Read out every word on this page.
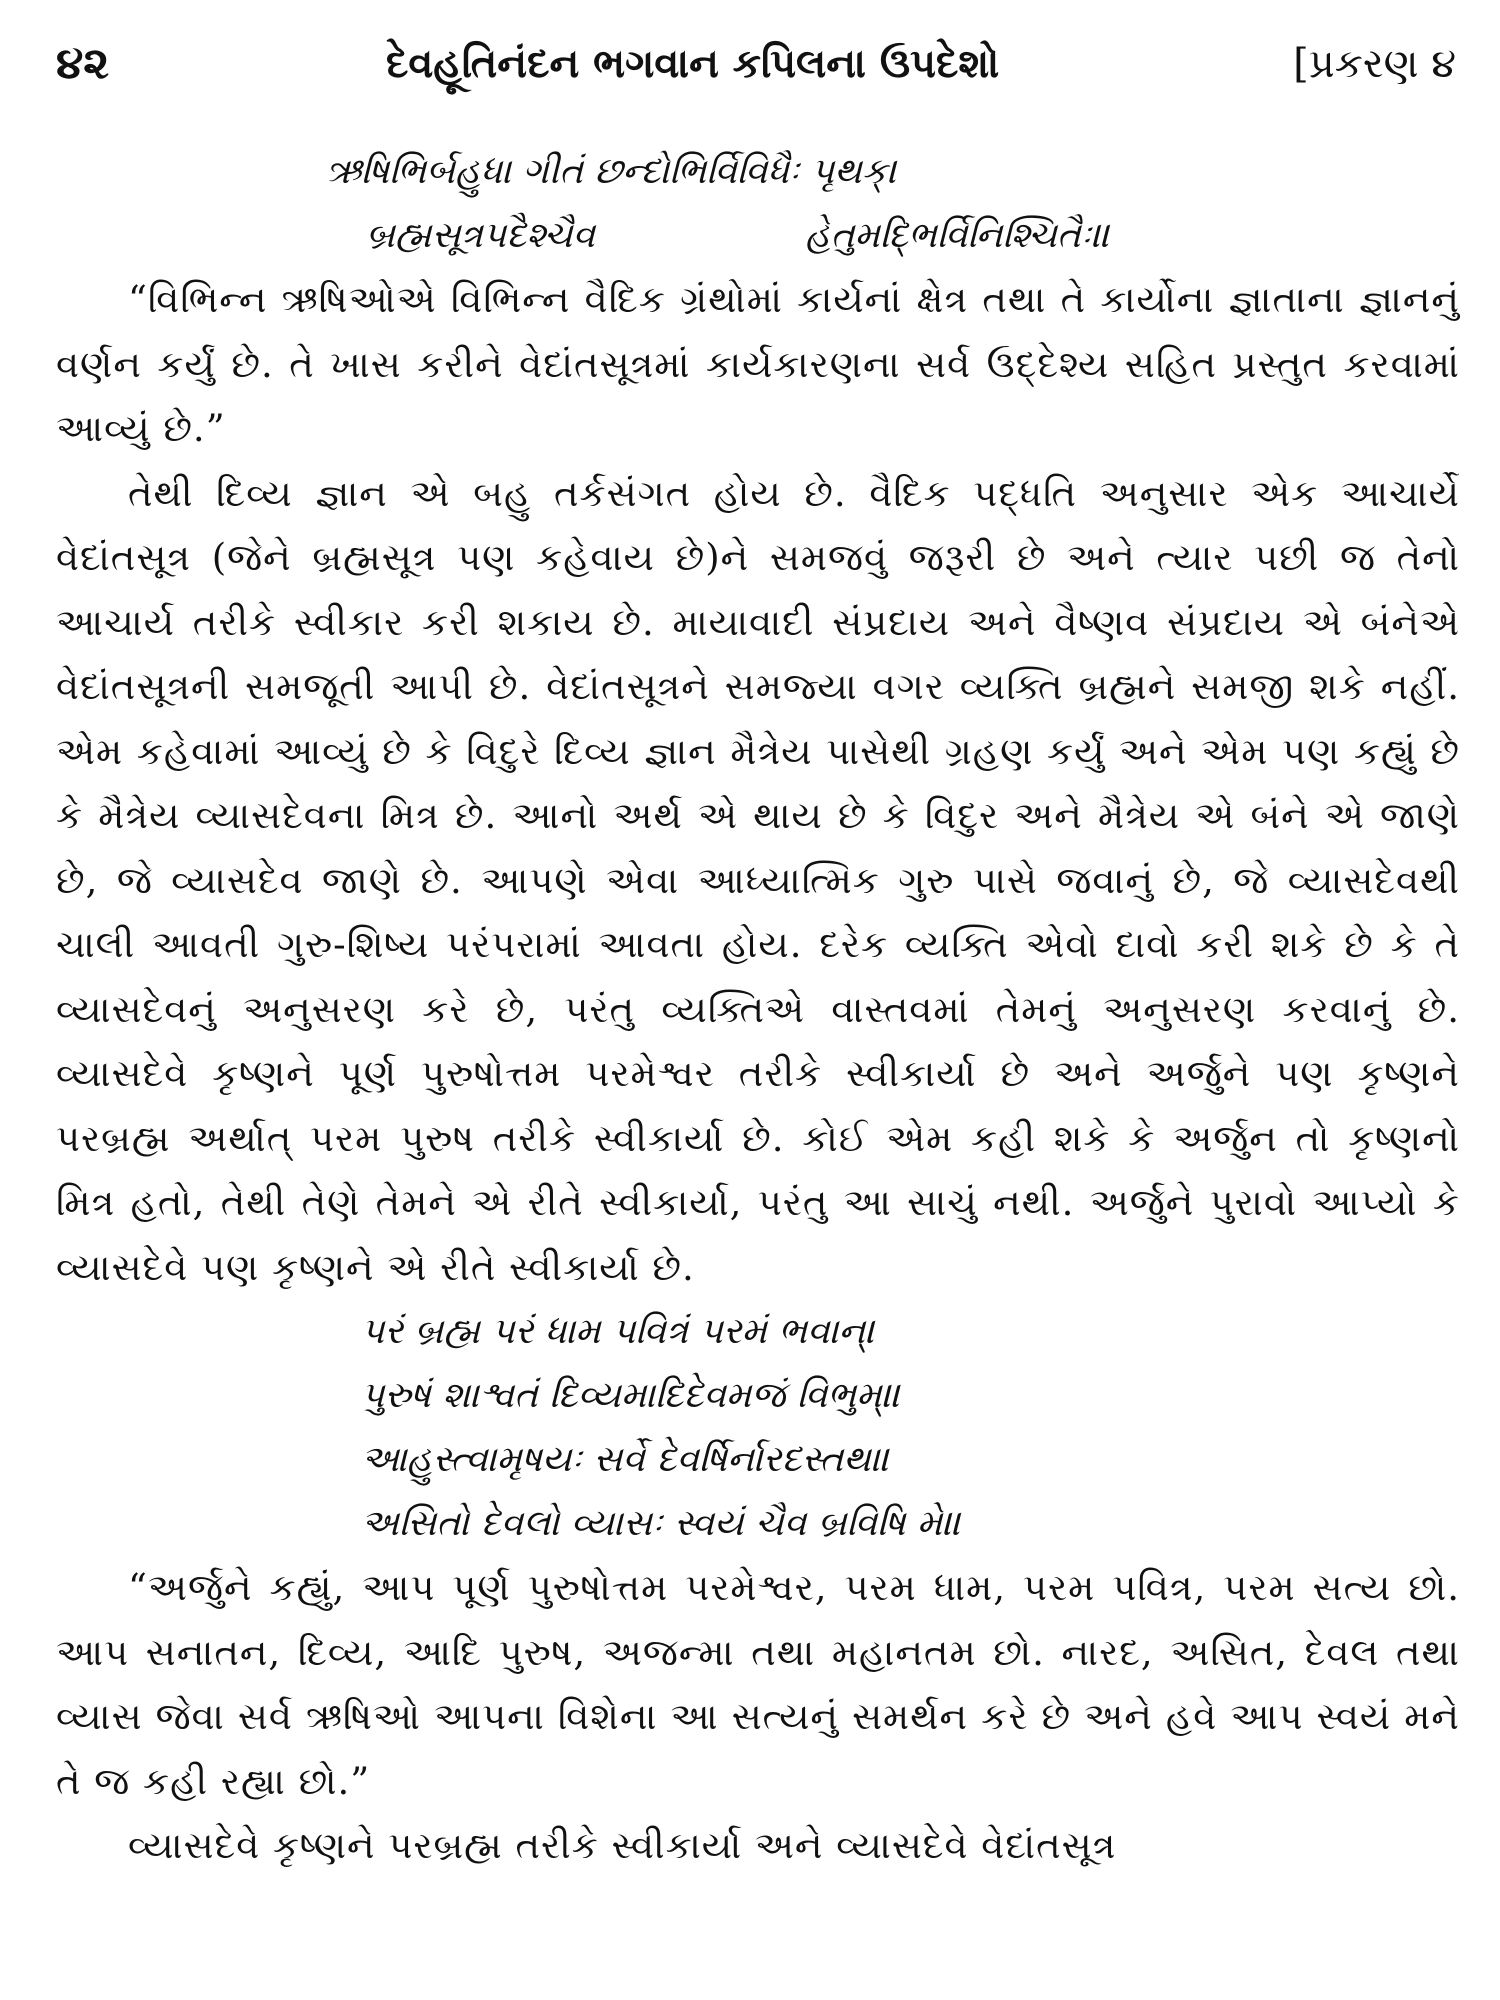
૪૨	દેવહૂતિનંદન ભગવાન કપિલના ઉપદેશો	[પ્રકરણ ૪
ઋષિભિર્બહુધા ગીતં છન્દોભિર્વિવિધૈઃ પૃથક્।
બ્રહ્મસૂત્રપદૈશ્ચૈવ	હેતુમદ્ભિર્વિનિશ્ચિતૈઃ॥

“વિભિન્ન ઋષિઓએ વિભિન્ન વૈદિક ગ્રંથોમાં કાર્યનાં ક્ષેત્ર તથા તે કાર્યોના જ્ઞાતાના જ્ઞાનનું વર્ણન કર્યું છે. તે ખાસ કરીને વેદાંતસૂત્રમાં કાર્યકારણના સર્વ ઉદ્દેશ્ય સહિત પ્રસ્તુત કરવામાં આવ્યું છે.”

તેથી દિવ્ય જ્ઞાન એ બહુ તર્કસંગત હોય છે. વૈદિક પદ્ધતિ અનુસાર એક આચાર્યે વેદાંતસૂત્ર (જેને બ્રહ્મસૂત્ર પણ કહેવાય છે)ને સમજવું જરૂરી છે અને ત્યાર પછી જ તેનો આચાર્ય તરીકે સ્વીકાર કરી શકાય છે. માયાવાદી સંપ્રદાય અને વૈષ્ણવ સંપ્રદાય એ બંનેએ વેદાંતસૂત્રની સમજૂતી આપી છે. વેદાંતસૂત્રને સમજ્યા વગર વ્યક્તિ બ્રહ્મને સમજી શકે નહીં. એમ કહેવામાં આવ્યું છે કે વિદુરે દિવ્ય જ્ઞાન મૈત્રેય પાસેથી ગ્રહણ કર્યું અને એમ પણ કહ્યું છે કે મૈત્રેય વ્યાસદેવના મિત્ર છે. આનો અર્થ એ થાય છે કે વિદુર અને મૈત્રેય એ બંને એ જાણે છે, જે વ્યાસદેવ જાણે છે. આપણે એવા આધ્યાત્મિક ગુરુ પાસે જવાનું છે, જે વ્યાસદેવથી ચાલી આવતી ગુરુ-શિષ્ય પરંપરામાં આવતા હોય. દરેક વ્યક્તિ એવો દાવો કરી શકે છે કે તે વ્યાસદેવનું અનુસરણ કરે છે, પરંતુ વ્યક્તિએ વાસ્તવમાં તેમનું અનુસરણ કરવાનું છે. વ્યાસદેવે કૃષ્ણને પૂર્ણ પુરુષોત્તમ પરમેશ્વર તરીકે સ્વીકાર્યા છે અને અર્જુને પણ કૃષ્ણને પરબ્રહ્મ અર્થાત્ પરમ પુરુષ તરીકે સ્વીકાર્યા છે. કોઈ એમ કહી શકે કે અર્જુન તો કૃષ્ણનો મિત્ર હતો, તેથી તેણે તેમને એ રીતે સ્વીકાર્યા, પરંતુ આ સાચું નથી. અર્જુને પુરાવો આપ્યો કે વ્યાસદેવે પણ કૃષ્ણને એ રીતે સ્વીકાર્યા છે.

પરં બ્રહ્મ પરં ધામ પવિત્રં પરમં ભવાન્।
પુરુષં શાશ્વતં દિવ્યમાદિદેવમજં વિભુમ્॥
આહુસ્ત્વામૃષયઃ સર્વે દેવર્ષિર્નારદસ્તથા।
અસિતો દેવલો વ્યાસઃ સ્વયં ચૈવ બ્રવિષિ મે॥

“અર્જુને કહ્યું, આપ પૂર્ણ પુરુષોત્તમ પરમેશ્વર, પરમ ધામ, પરમ પવિત્ર, પરમ સત્ય છો. આપ સનાતન, દિવ્ય, આદિ પુરુષ, અજન્મા તથા મહાનતમ છો. નારદ, અસિત, દેવલ તથા વ્યાસ જેવા સર્વ ઋષિઓ આપના વિશેના આ સત્યનું સમર્થન કરે છે અને હવે આપ સ્વયં મને તે જ કહી રહ્યા છો.”

વ્યાસદેવે કૃષ્ણને પરબ્રહ્મ તરીકે સ્વીકાર્યા અને વ્યાસદેવે વેદાંતસૂત્ર
